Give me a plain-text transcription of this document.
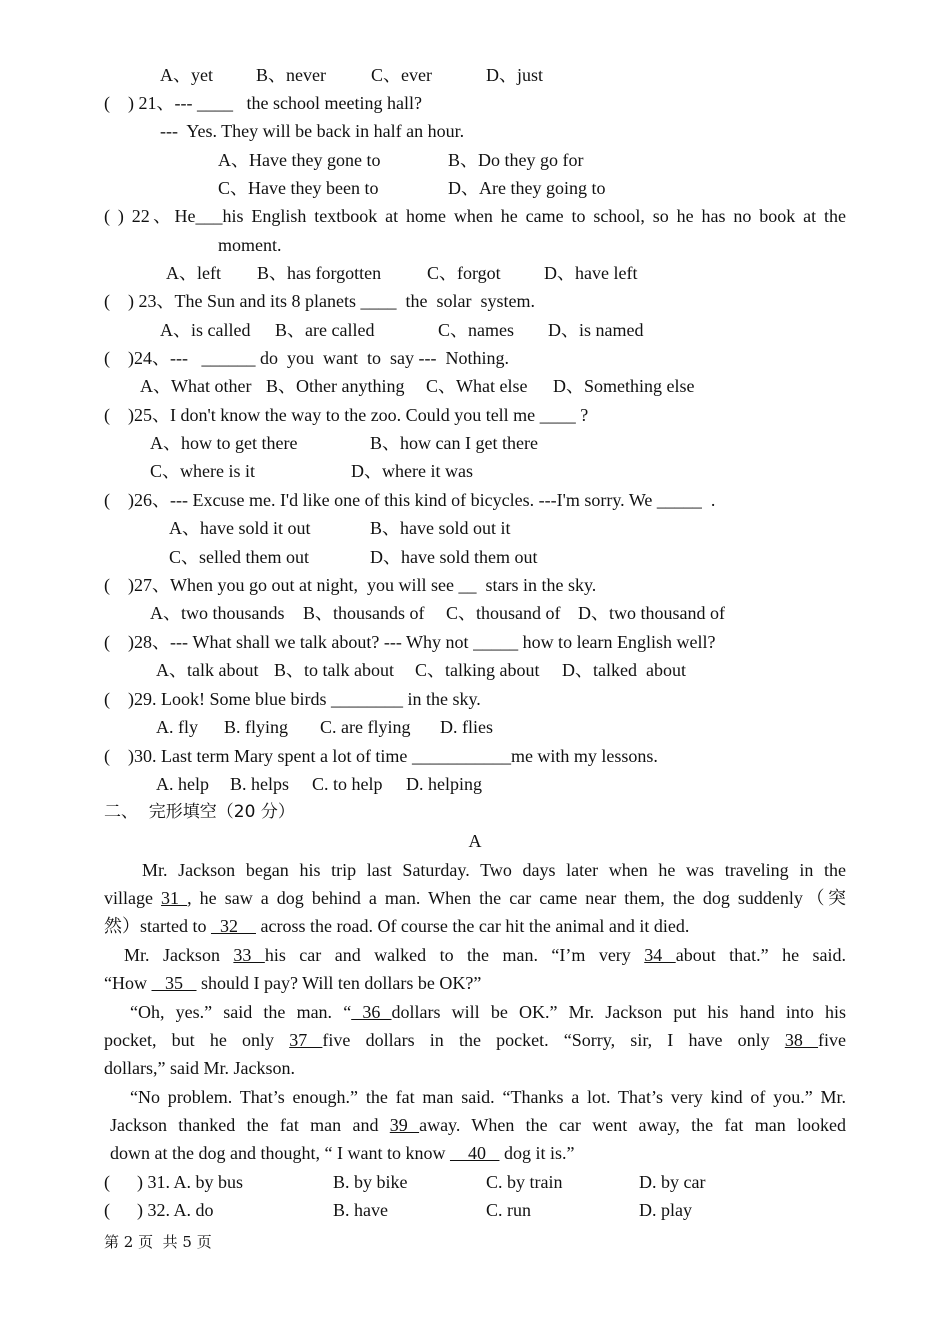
A、yet B、never	C、ever	D、just
(    ) 21、--- ____   the school meeting hall?
---  Yes. They will be back in half an hour.
A、Have they gone to	B、Do they go for
C、Have they been to	D、Are they going to
( ) 22、He___his English textbook at home when he came to school, so he has no book at the
moment.
A、left B、has forgotten	C、forgot D、have left
(    ) 23、The Sun and its 8 planets ____  the  solar  system.
A、is called B、are called	C、names D、is named
(    )24、---   ______ do  you  want  to  say ---  Nothing.
A、What other B、Other anything C、What else D、Something else
(    )25、I don't know the way to the zoo. Could you tell me ____ ?
A、how to get there	B、how can I get there
C、where is it	D、where it was
(    )26、--- Excuse me. I'd like one of this kind of bicycles. ---I'm sorry. We _____  .
A、have sold it out	B、have sold out it
C、selled them out	D、have sold them out
(    )27、When you go out at night,  you will see __  stars in the sky.
A、two thousands B、thousands of C、thousand of D、two thousand of
(    )28、--- What shall we talk about? --- Why not _____ how to learn English well?
A、talk about B、to talk about C、talking about D、talked  about
(    )29. Look! Some blue birds ________ in the sky.
A. fly B. flying C. are flying D. flies
(    )30. Last term Mary spent a lot of time ___________me with my lessons.
A. help B. helps C. to help D. helping
二、  完形填空（20 分）
A
Mr. Jackson began his trip last Saturday. Two days later when he was traveling in the
village 31 , he saw a dog behind a man. When the car came near them, the dog suddenly（突
然）started to   32     across the road. Of course the car hit the animal and it died.
Mr. Jackson 33 his car and walked to the man. “I’m very 34 about that.” he said.
“How    35    should I pay? Will ten dollars be OK?”
“Oh, yes.” said the man. “ 36 dollars will be OK.” Mr. Jackson put his hand into his
pocket, but he only 37 five dollars in the pocket. “Sorry, sir, I have only 38 five
dollars,” said Mr. Jackson.
“No problem. That’s enough.” the fat man said. “Thanks a lot. That’s very kind of you.” Mr.
Jackson thanked the fat man and 39 away. When the car went away, the fat man looked
down at the dog and thought, “ I want to know     40    dog it is.”
(      ) 31. A. by bus	B. by bike	C. by train	D. by car
(      ) 32. A. do	B. have	C. run	D. play
第 2 页  共 5 页
